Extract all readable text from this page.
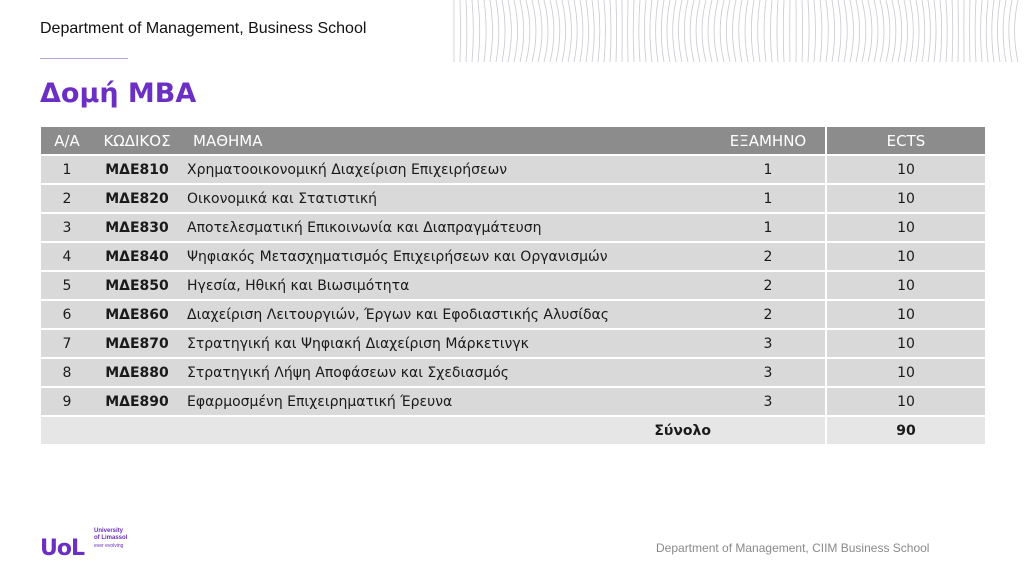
Department of Management, Business School
Δομή MBA
Α/Α	ΚΩΔΙΚΟΣ	ΜΑΘΗΜΑ	ΕΞΑΜΗΝΟ	ECTS
1	ΜΔΕ810	Χρηματοοικονομική Διαχείριση Επιχειρήσεων	1	10
2	ΜΔΕ820	Οικονομικά και Στατιστική	1	10
3	ΜΔΕ830	Αποτελεσματική Επικοινωνία και Διαπραγμάτευση	1	10
4	ΜΔΕ840	Ψηφιακός Μετασχηματισμός Επιχειρήσεων και Οργανισμών	2	10
5	ΜΔΕ850	Ηγεσία, Ηθική και Βιωσιμότητα	2	10
6	ΜΔΕ860	Διαχείριση Λειτουργιών, Έργων και Εφοδιαστικής Αλυσίδας	2	10
7	ΜΔΕ870	Στρατηγική και Ψηφιακή Διαχείριση Μάρκετινγκ	3	10
8	ΜΔΕ880	Στρατηγική Λήψη Αποφάσεων και Σχεδιασμός	3	10
9	ΜΔΕ890	Εφαρμοσμένη Επιχειρηματική Έρευνα	3	10
Σύνολο				90
UoL
University
of Limassol
ever evolving	Department of Management, CIIM Business School
